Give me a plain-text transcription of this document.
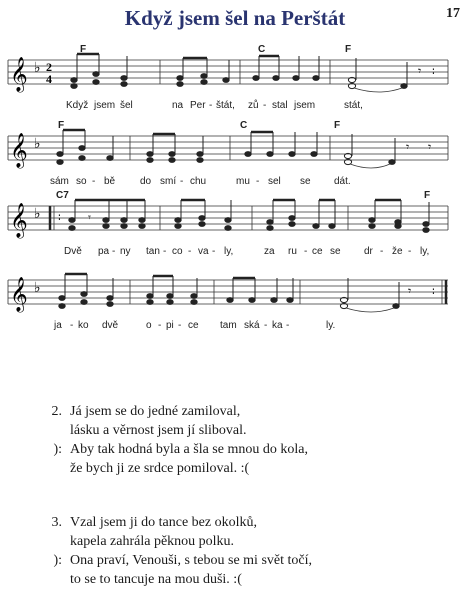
Když jsem šel na Perštát	17
𝄞 ♭ 2
4
𝄾 ∶
F	C	F
Když jsem šel	na Per - štát, zů - stal jsem	stát,
𝄞 ♭	𝄾 𝄾
F	C	F
sám so - bě do smí - chu	mu - sel se dát.
∶
𝄞 ♭	𝄾
C7	F
Dvě pa - ny tan - co - va - ly,	za ru - ce se dr - že - ly,
∶
𝄞 ♭	𝄾
ja - ko dvě	o - pi - ce tam ská - ka -	ly.
2. Já jsem se do jedné zamiloval,
lásku a věrnost jsem jí sliboval.
): Aby tak hodná byla a šla se mnou do kola,
že bych ji ze srdce pomiloval. :(
3. Vzal jsem ji do tance bez okolků,
kapela zahrála pěknou polku.
): Ona praví, Venouši, s tebou se mi svět točí,
to se to tancuje na mou duši. :(
